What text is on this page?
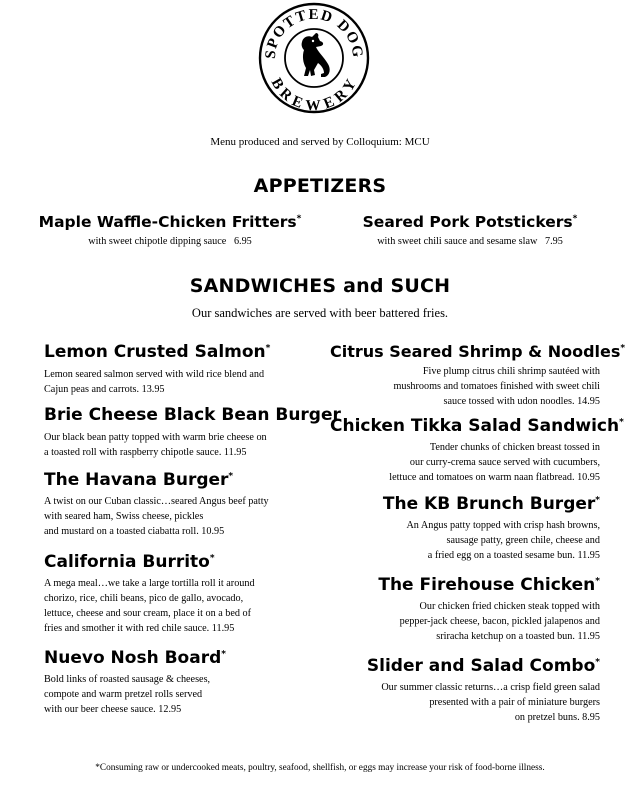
SPOTTED DOG
BREWERY
Menu produced and served by Colloquium: MCU
APPETIZERS
Maple Waffle-Chicken Fritters*
with sweet chipotle dipping sauce 6.95
Seared Pork Potstickers*
with sweet chili sauce and sesame slaw 7.95
SANDWICHES and SUCH
Our sandwiches are served with beer battered fries.
Lemon Crusted Salmon*
Lemon seared salmon served with wild rice blend and
Cajun peas and carrots. 13.95
Brie Cheese Black Bean Burger
Our black bean patty topped with warm brie cheese on
a toasted roll with raspberry chipotle sauce. 11.95
The Havana Burger*
A twist on our Cuban classic…seared Angus beef patty
with seared ham, Swiss cheese, pickles
and mustard on a toasted ciabatta roll. 10.95
California Burrito*
A mega meal…we take a large tortilla roll it around
chorizo, rice, chili beans, pico de gallo, avocado,
lettuce, cheese and sour cream, place it on a bed of
fries and smother it with red chile sauce. 11.95
Nuevo Nosh Board*
Bold links of roasted sausage & cheeses,
compote and warm pretzel rolls served
with our beer cheese sauce. 12.95
Citrus Seared Shrimp & Noodles*
Five plump citrus chili shrimp sautéed with
mushrooms and tomatoes finished with sweet chili
sauce tossed with udon noodles. 14.95
Chicken Tikka Salad Sandwich*
Tender chunks of chicken breast tossed in
our curry-crema sauce served with cucumbers,
lettuce and tomatoes on warm naan flatbread. 10.95
The KB Brunch Burger*
An Angus patty topped with crisp hash browns,
sausage patty, green chile, cheese and
a fried egg on a toasted sesame bun. 11.95
The Firehouse Chicken*
Our chicken fried chicken steak topped with
pepper-jack cheese, bacon, pickled jalapenos and
sriracha ketchup on a toasted bun. 11.95
Slider and Salad Combo*
Our summer classic returns…a crisp field green salad
presented with a pair of miniature burgers
on pretzel buns. 8.95
*Consuming raw or undercooked meats, poultry, seafood, shellfish, or eggs may increase your risk of food-borne illness.
